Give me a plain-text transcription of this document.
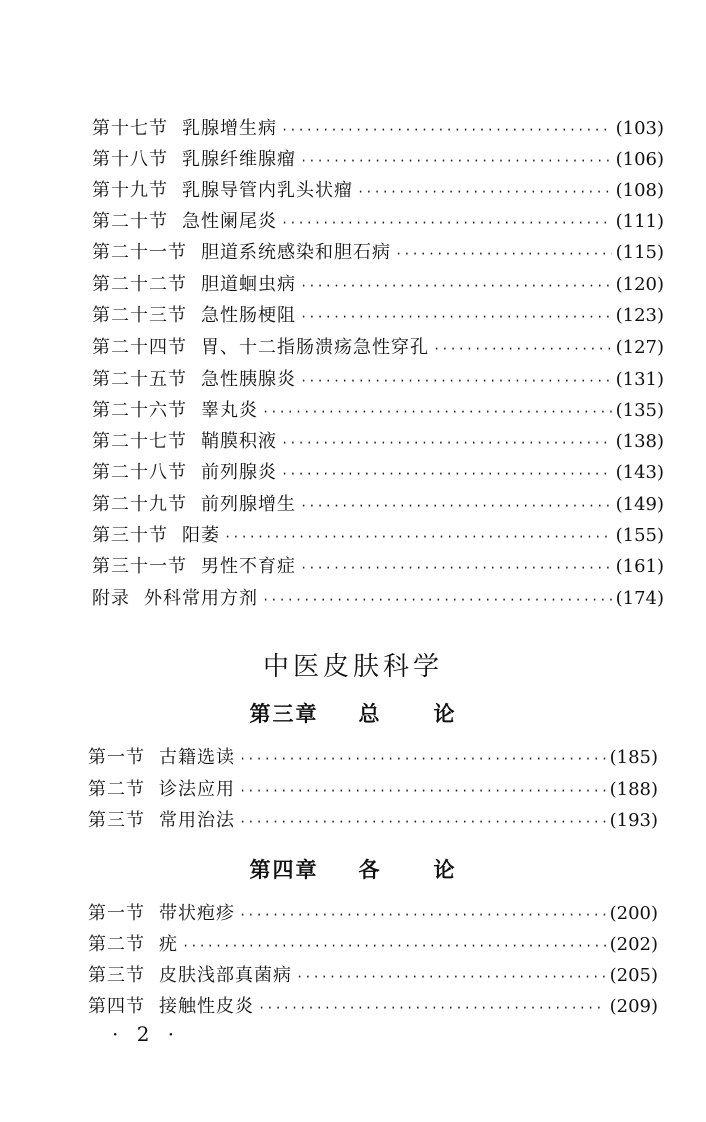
第十七节 乳腺增生病 ·····	(103)
第十八节 乳腺纤维腺瘤 ·····	(106)
第十九节 乳腺导管内乳头状瘤 ·····	(108)
第二十节 急性阑尾炎 ·····	(111)
第二十一节 胆道系统感染和胆石病 ·····	(115)
第二十二节 胆道蛔虫病 ·····	(120)
第二十三节 急性肠梗阻 ·····	(123)
第二十四节 胃、十二指肠溃疡急性穿孔 ·····	(127)
第二十五节 急性胰腺炎 ·····	(131)
第二十六节 睾丸炎 ·····	(135)
第二十七节 鞘膜积液 ·····	(138)
第二十八节 前列腺炎 ·····	(143)
第二十九节 前列腺增生 ·····	(149)
第三十节 阳萎 ·····	(155)
第三十一节 男性不育症 ·····	(161)
附录 外科常用方剂 ·····	(174)
中医皮肤科学
第三章 总 论
第一节 古籍选读 ·····	(185)
第二节 诊法应用 ·····	(188)
第三节 常用治法 ·····	(193)
第四章 各 论
第一节 带状疱疹 ·····	(200)
第二节 疣 ·····	(202)
第三节 皮肤浅部真菌病 ·····	(205)
第四节 接触性皮炎 ·····	(209)
· 2 ·
